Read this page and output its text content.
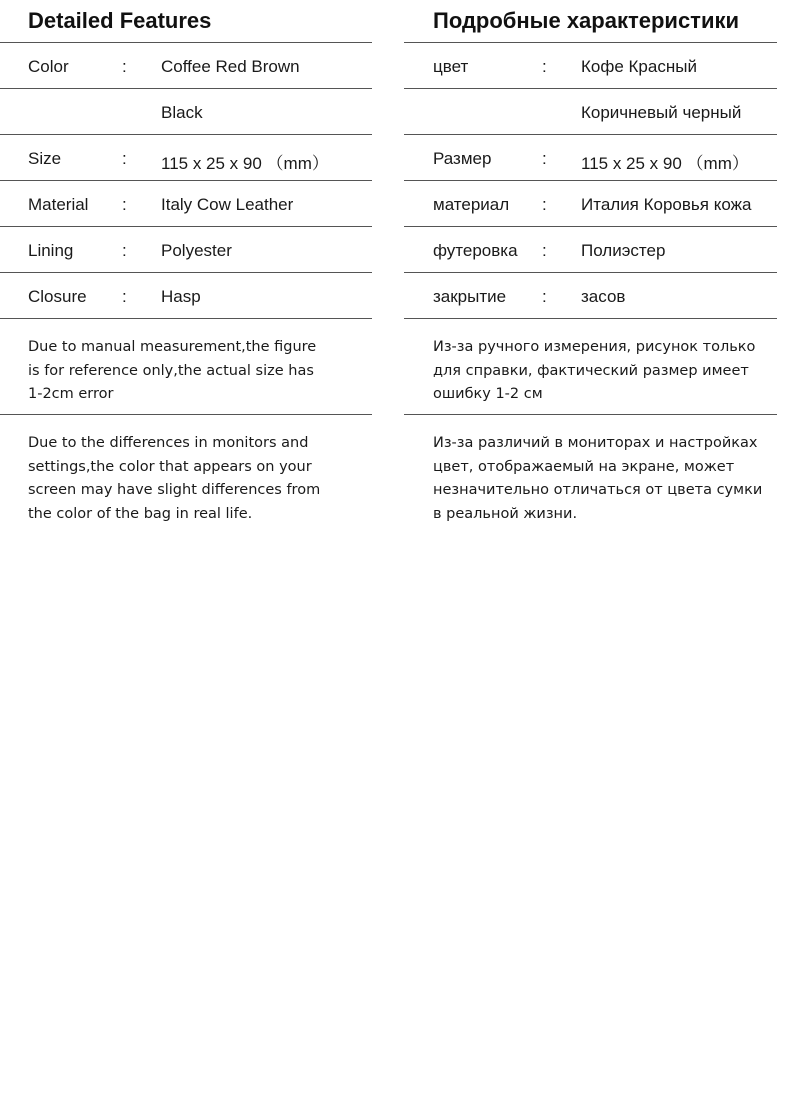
Detailed Features
Color	: Coffee Red Brown
Black
Size	: 115 x 25 x 90 （mm）
Material : Italy Cow Leather
Lining	: Polyester
Closure : Hasp

Due to manual measurement,the figure
is for reference only,the actual size has
1-2cm error

Due to the differences in monitors and
settings,the color that appears on your
screen may have slight differences from
the color of the bag in real life.

Подробные характеристики
цвет	: Кофе Красный
Коричневый черный
Размер	: 115 x 25 x 90 （mm）
материал : Италия Коровья кожа
футеровка : Полиэстер
закрытие : засов

Из-за ручного измерения, рисунок только
для справки, фактический размер имеет
ошибку 1-2 см

Из-за различий в мониторах и настройках
цвет, отображаемый на экране, может
незначительно отличаться от цвета сумки
в реальной жизни.
